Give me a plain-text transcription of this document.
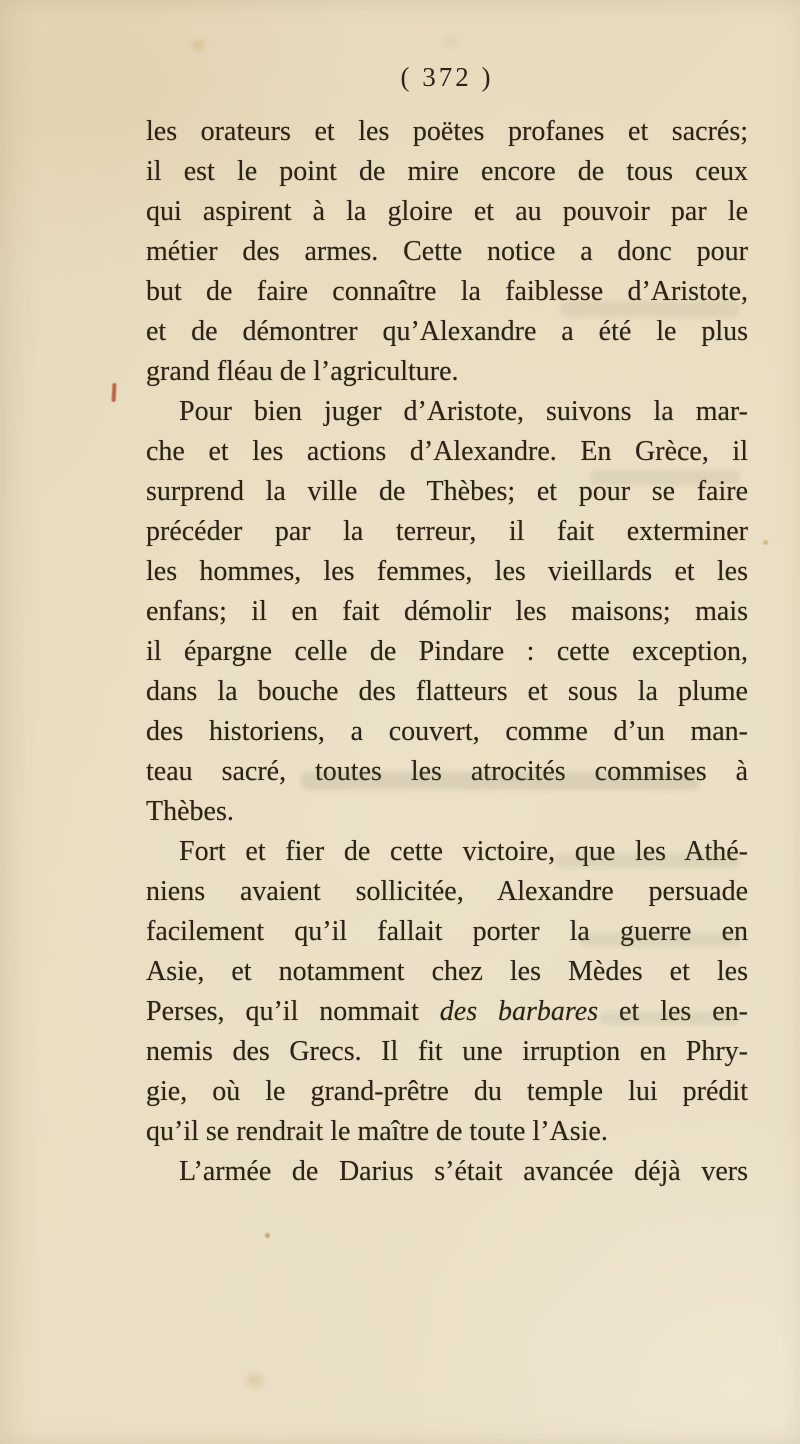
( 372 )
les orateurs et les poëtes profanes et sacrés;
il est le point de mire encore de tous ceux
qui aspirent à la gloire et au pouvoir par le
métier des armes. Cette notice a donc pour
but de faire connaître la faiblesse d’Aristote,
et de démontrer qu’Alexandre a été le plus
grand fléau de l’agriculture.
Pour bien juger d’Aristote, suivons la mar-
che et les actions d’Alexandre. En Grèce, il
surprend la ville de Thèbes; et pour se faire
précéder par la terreur, il fait exterminer
les hommes, les femmes, les vieillards et les
enfans; il en fait démolir les maisons; mais
il épargne celle de Pindare : cette exception,
dans la bouche des flatteurs et sous la plume
des historiens, a couvert, comme d’un man-
teau sacré, toutes les atrocités commises à
Thèbes.
Fort et fier de cette victoire, que les Athé-
niens avaient sollicitée, Alexandre persuade
facilement qu’il fallait porter la guerre en
Asie, et notamment chez les Mèdes et les
Perses, qu’il nommait des barbares et les en-
nemis des Grecs. Il fit une irruption en Phry-
gie, où le grand-prêtre du temple lui prédit
qu’il se rendrait le maître de toute l’Asie.
L’armée de Darius s’était avancée déjà vers
